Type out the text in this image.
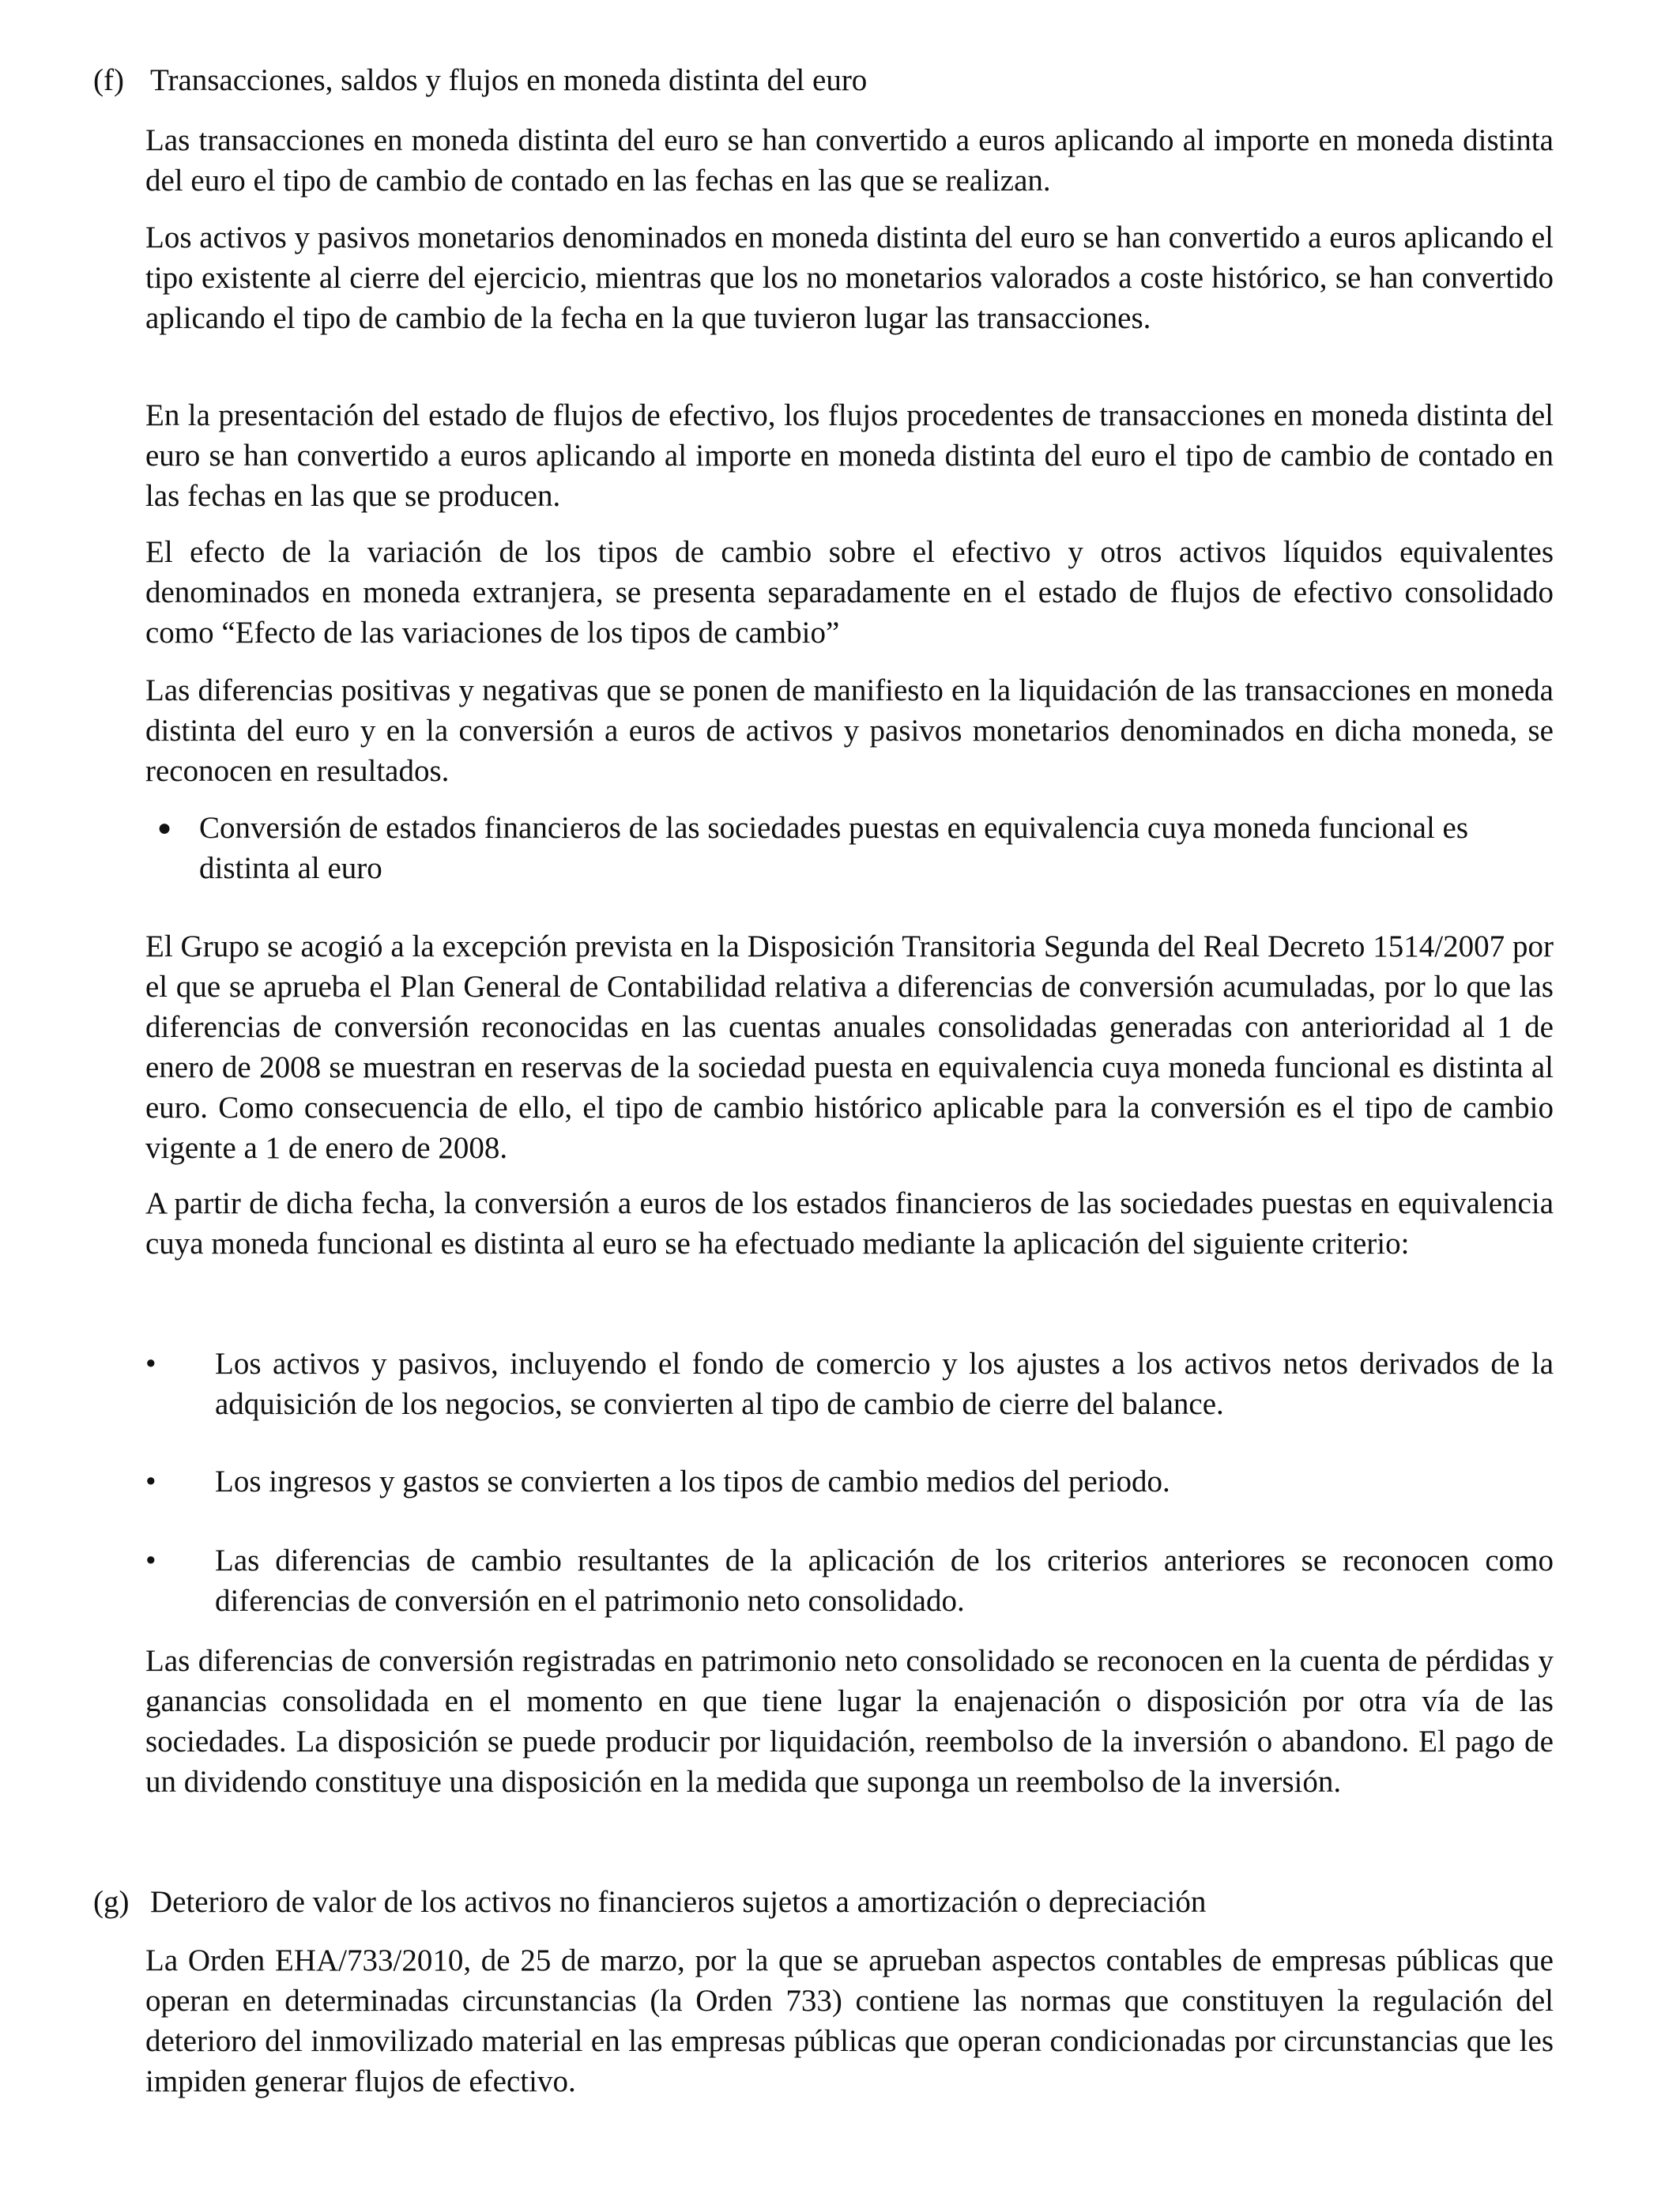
(f) Transacciones, saldos y flujos en moneda distinta del euro

Las transacciones en moneda distinta del euro se han convertido a euros aplicando al importe en moneda distinta del euro el tipo de cambio de contado en las fechas en las que se realizan.

Los activos y pasivos monetarios denominados en moneda distinta del euro se han convertido a euros aplicando el tipo existente al cierre del ejercicio, mientras que los no monetarios valorados a coste histórico, se han convertido aplicando el tipo de cambio de la fecha en la que tuvieron lugar las transacciones.

En la presentación del estado de flujos de efectivo, los flujos procedentes de transacciones en moneda distinta del euro se han convertido a euros aplicando al importe en moneda distinta del euro el tipo de cambio de contado en las fechas en las que se producen.

El efecto de la variación de los tipos de cambio sobre el efectivo y otros activos líquidos equivalentes denominados en moneda extranjera, se presenta separadamente en el estado de flujos de efectivo consolidado como “Efecto de las variaciones de los tipos de cambio”

Las diferencias positivas y negativas que se ponen de manifiesto en la liquidación de las transacciones en moneda distinta del euro y en la conversión a euros de activos y pasivos monetarios denominados en dicha moneda, se reconocen en resultados.

● Conversión de estados financieros de las sociedades puestas en equivalencia cuya moneda funcional es distinta al euro

El Grupo se acogió a la excepción prevista en la Disposición Transitoria Segunda del Real Decreto 1514/2007 por el que se aprueba el Plan General de Contabilidad relativa a diferencias de conversión acumuladas, por lo que las diferencias de conversión reconocidas en las cuentas anuales consolidadas generadas con anterioridad al 1 de enero de 2008 se muestran en reservas de la sociedad puesta en equivalencia cuya moneda funcional es distinta al euro. Como consecuencia de ello, el tipo de cambio histórico aplicable para la conversión es el tipo de cambio vigente a 1 de enero de 2008.

A partir de dicha fecha, la conversión a euros de los estados financieros de las sociedades puestas en equivalencia cuya moneda funcional es distinta al euro se ha efectuado mediante la aplicación del siguiente criterio:

• Los activos y pasivos, incluyendo el fondo de comercio y los ajustes a los activos netos derivados de la adquisición de los negocios, se convierten al tipo de cambio de cierre del balance.

• Los ingresos y gastos se convierten a los tipos de cambio medios del periodo.

• Las diferencias de cambio resultantes de la aplicación de los criterios anteriores se reconocen como diferencias de conversión en el patrimonio neto consolidado.

Las diferencias de conversión registradas en patrimonio neto consolidado se reconocen en la cuenta de pérdidas y ganancias consolidada en el momento en que tiene lugar la enajenación o disposición por otra vía de las sociedades. La disposición se puede producir por liquidación, reembolso de la inversión o abandono. El pago de un dividendo constituye una disposición en la medida que suponga un reembolso de la inversión.

(g) Deterioro de valor de los activos no financieros sujetos a amortización o depreciación

La Orden EHA/733/2010, de 25 de marzo, por la que se aprueban aspectos contables de empresas públicas que operan en determinadas circunstancias (la Orden 733) contiene las normas que constituyen la regulación del deterioro del inmovilizado material en las empresas públicas que operan condicionadas por circunstancias que les impiden generar flujos de efectivo.
